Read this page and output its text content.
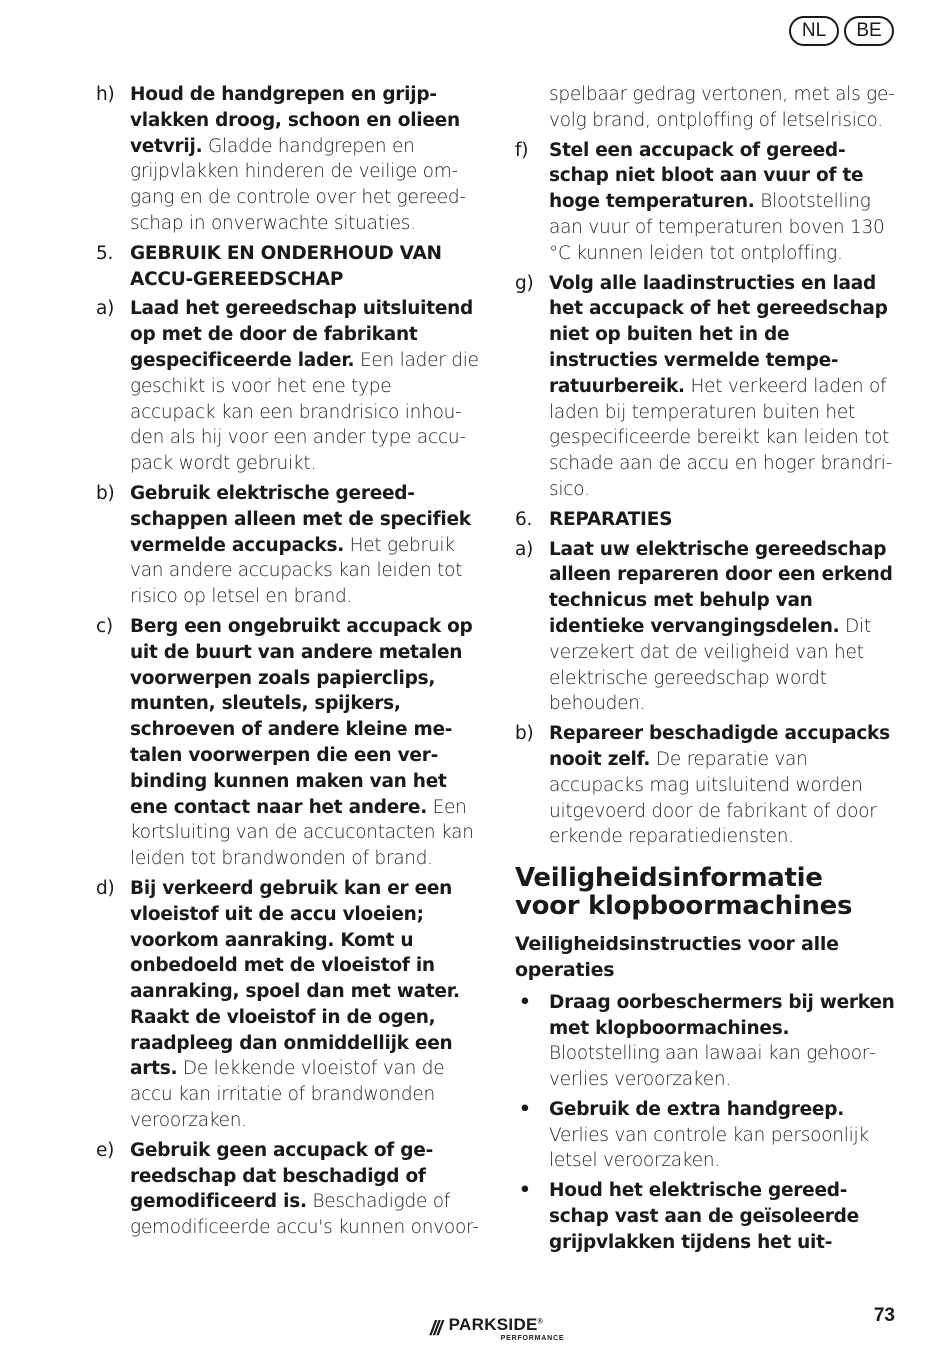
NL	BE
h) Houd de handgrepen en grijpvlakken droog, schoon en olieen vetvrij. Gladde handgrepen en grijpvlakken hinderen de veilige omgang en de controle over het gereedschap in onverwachte situaties.
5. GEBRUIK EN ONDERHOUD VAN ACCU-GEREEDSCHAP
a) Laad het gereedschap uitsluitend op met de door de fabrikant gespecificeerde lader. Een lader die geschikt is voor het ene type accupack kan een brandrisico inhouden als hij voor een ander type accupack wordt gebruikt.
b) Gebruik elektrische gereedschappen alleen met de specifiek vermelde accupacks. Het gebruik van andere accupacks kan leiden tot risico op letsel en brand.
c) Berg een ongebruikt accupack op uit de buurt van andere metalen voorwerpen zoals papierclips, munten, sleutels, spijkers, schroeven of andere kleine metalen voorwerpen die een verbinding kunnen maken van het ene contact naar het andere. Een kortsluiting van de accucontacten kan leiden tot brandwonden of brand.
d) Bij verkeerd gebruik kan er een vloeistof uit de accu vloeien; voorkom aanraking. Komt u onbedoeld met de vloeistof in aanraking, spoel dan met water. Raakt de vloeistof in de ogen, raadpleeg dan onmiddellijk een arts. De lekkende vloeistof van de accu kan irritatie of brandwonden veroorzaken.
e) Gebruik geen accupack of gereedschap dat beschadigd of gemodificeerd is. Beschadigde of gemodificeerde accu's kunnen onvoor-
spelbaar gedrag vertonen, met als gevolg brand, ontploffing of letselrisico.
f)	Stel een accupack of gereedschap niet bloot aan vuur of te hoge temperaturen. Blootstelling aan vuur of temperaturen boven 130 °C kunnen leiden tot ontploffing.
g) Volg alle laadinstructies en laad het accupack of het gereedschap niet op buiten het in de instructies vermelde temperatuurbereik. Het verkeerd laden of laden bij temperaturen buiten het gespecificeerde bereikt kan leiden tot schade aan de accu en hoger brandrisico.
6. REPARATIES
a) Laat uw elektrische gereedschap alleen repareren door een erkend technicus met behulp van identieke vervangingsdelen. Dit verzekert dat de veiligheid van het elektrische gereedschap wordt behouden.
b) Repareer beschadigde accupacks nooit zelf. De reparatie van accupacks mag uitsluitend worden uitgevoerd door de fabrikant of door erkende reparatiediensten.
Veiligheidsinformatie voor klopboormachines
Veiligheidsinstructies voor alle operaties
• Draag oorbeschermers bij werken met klopboormachines. Blootstelling aan lawaai kan gehoorverlies veroorzaken.
• Gebruik de extra handgreep. Verlies van controle kan persoonlijk letsel veroorzaken.
• Houd het elektrische gereedschap vast aan de geïsoleerde grijpvlakken tijdens het uit-
/// PARKSIDE®
PERFORMANCE
73
